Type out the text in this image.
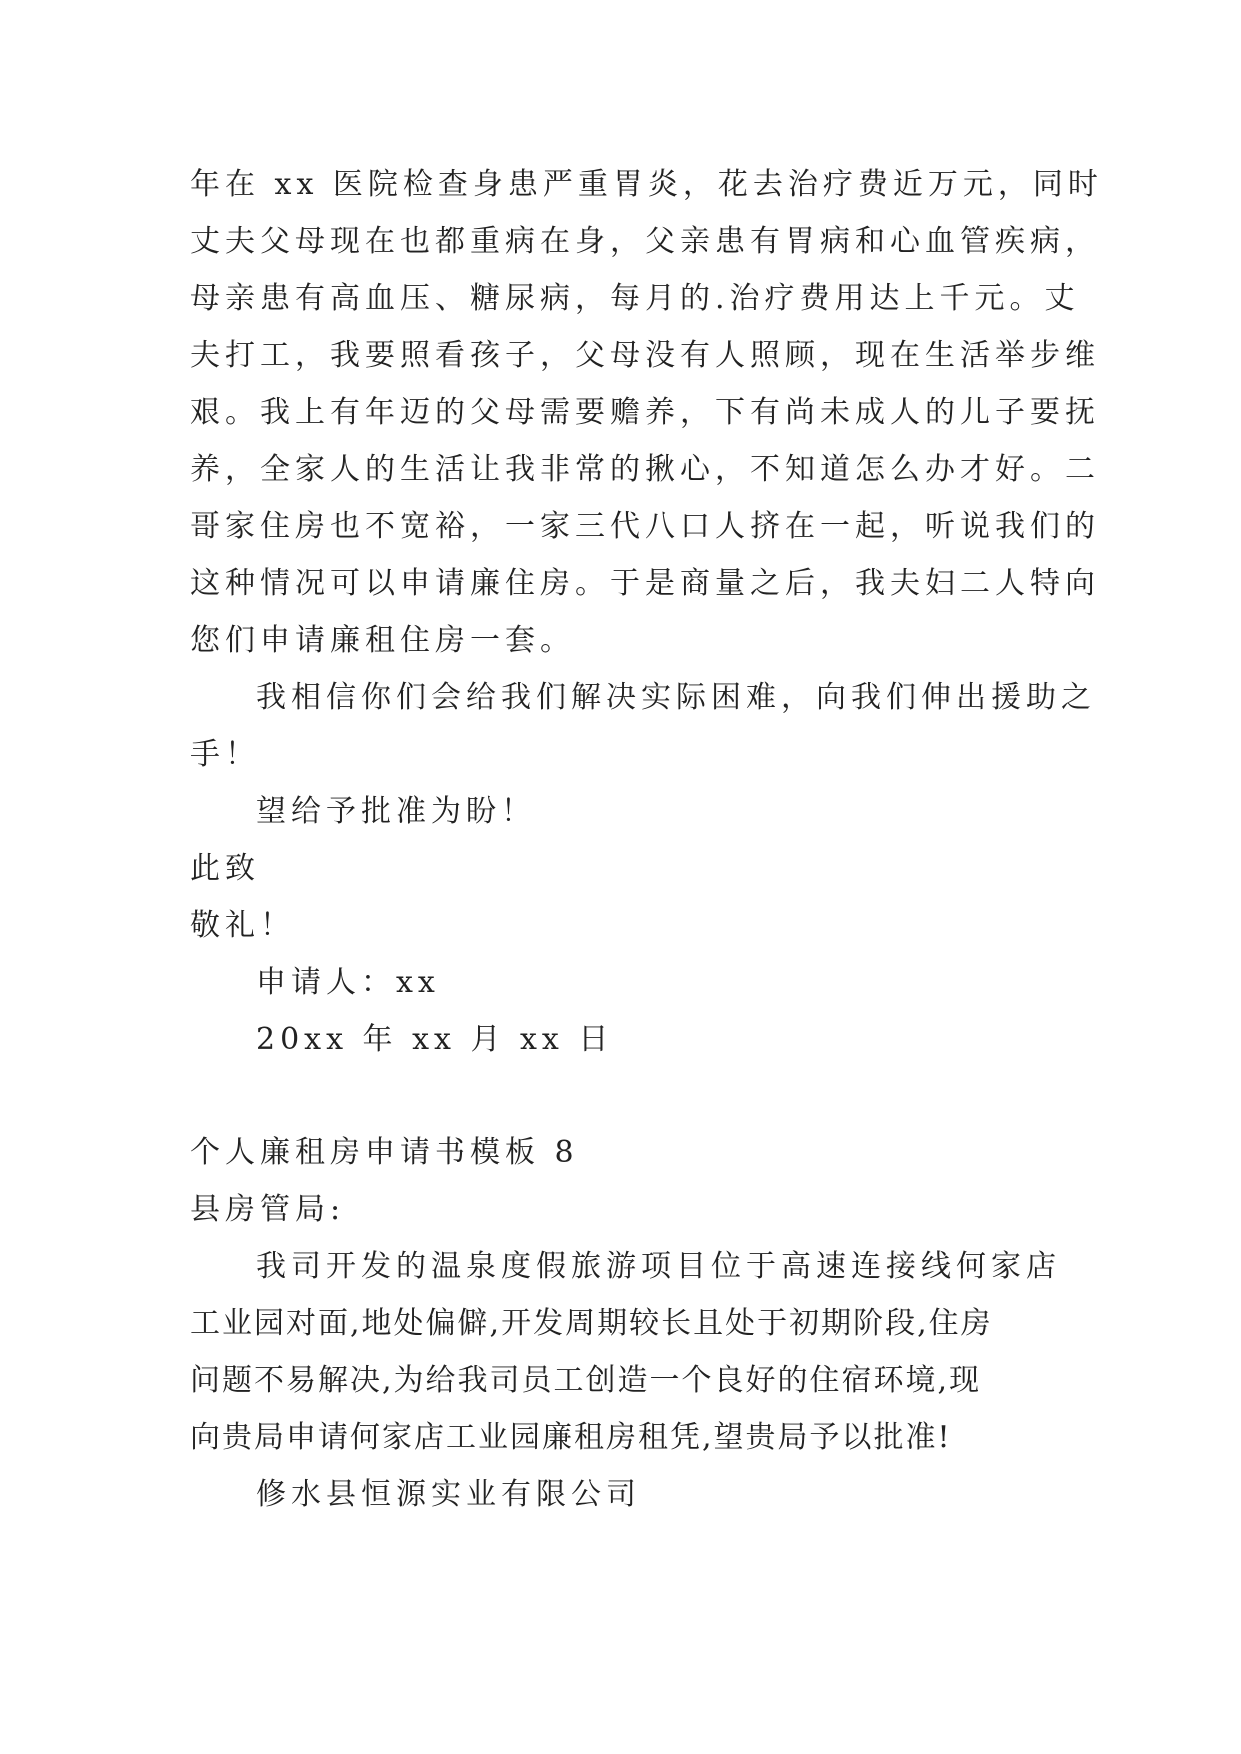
年在 xx 医院检查身患严重胃炎，花去治疗费近万元，同时
丈夫父母现在也都重病在身，父亲患有胃病和心血管疾病，
母亲患有高血压、糖尿病，每月的.治疗费用达上千元。丈
夫打工，我要照看孩子，父母没有人照顾，现在生活举步维
艰。我上有年迈的父母需要赡养，下有尚未成人的儿子要抚
养，全家人的生活让我非常的揪心，不知道怎么办才好。二
哥家住房也不宽裕，一家三代八口人挤在一起，听说我们的
这种情况可以申请廉住房。于是商量之后，我夫妇二人特向
您们申请廉租住房一套。
我相信你们会给我们解决实际困难，向我们伸出援助之
手！
望给予批准为盼！
此致
敬礼！
申请人：xx
20xx 年 xx 月 xx 日
个人廉租房申请书模板 8
县房管局:
我司开发的温泉度假旅游项目位于高速连接线何家店
工业园对面,地处偏僻,开发周期较长且处于初期阶段,住房
问题不易解决,为给我司员工创造一个良好的住宿环境,现
向贵局申请何家店工业园廉租房租凭,望贵局予以批准!
修水县恒源实业有限公司
